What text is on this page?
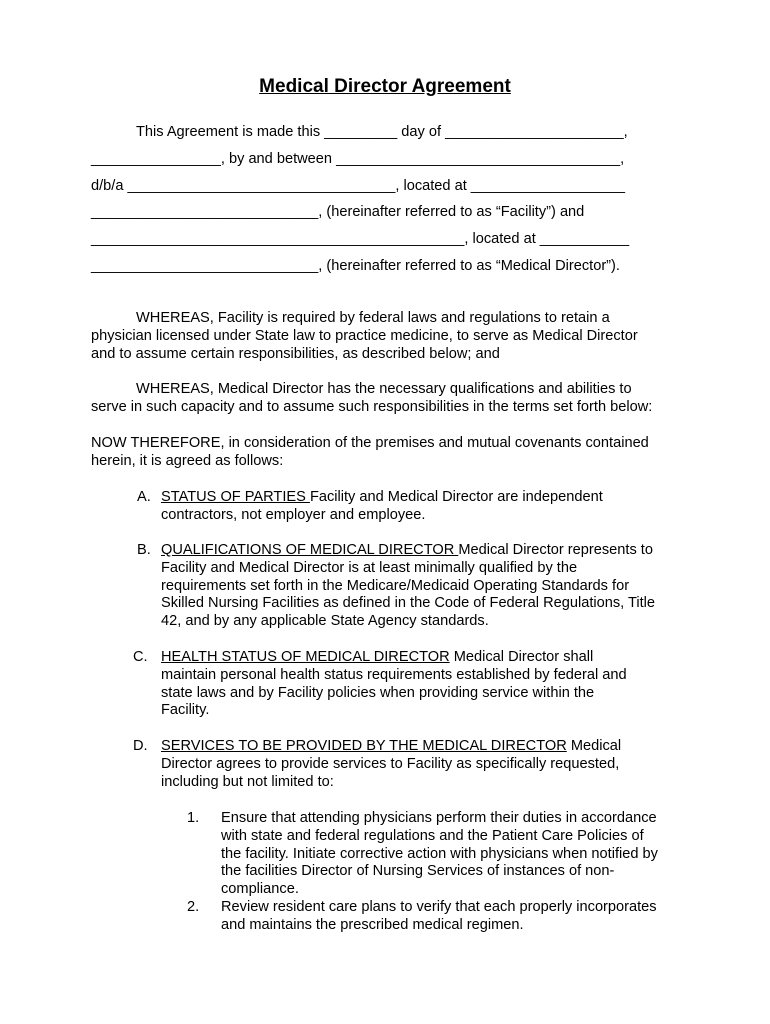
Medical Director Agreement

This Agreement is made this _________ day of ______________________,

________________, by and between ___________________________________,

d/b/a _________________________________, located at ___________________

____________________________, (hereinafter referred to as “Facility”) and

______________________________________________, located at ___________

____________________________, (hereinafter referred to as “Medical Director”).

WHEREAS, Facility is required by federal laws and regulations to retain a
physician licensed under State law to practice medicine, to serve as Medical Director
and to assume certain responsibilities, as described below; and
WHEREAS, Medical Director has the necessary qualifications and abilities to
serve in such capacity and to assume such responsibilities in the terms set forth below:
NOW THEREFORE, in consideration of the premises and mutual covenants contained
herein, it is agreed as follows:
A. STATUS OF PARTIES Facility and Medical Director are independent
contractors, not employer and employee.
B. QUALIFICATIONS OF MEDICAL DIRECTOR Medical Director represents to
Facility and Medical Director is at least minimally qualified by the
requirements set forth in the Medicare/Medicaid Operating Standards for
Skilled Nursing Facilities as defined in the Code of Federal Regulations, Title
42, and by any applicable State Agency standards.
C. HEALTH STATUS OF MEDICAL DIRECTOR Medical Director shall
maintain personal health status requirements established by federal and
state laws and by Facility policies when providing service within the
Facility.
D. SERVICES TO BE PROVIDED BY THE MEDICAL DIRECTOR Medical
Director agrees to provide services to Facility as specifically requested,
including but not limited to:
1. Ensure that attending physicians perform their duties in accordance
with state and federal regulations and the Patient Care Policies of
the facility. Initiate corrective action with physicians when notified by
the facilities Director of Nursing Services of instances of non-
compliance.
2. Review resident care plans to verify that each properly incorporates
and maintains the prescribed medical regimen.
